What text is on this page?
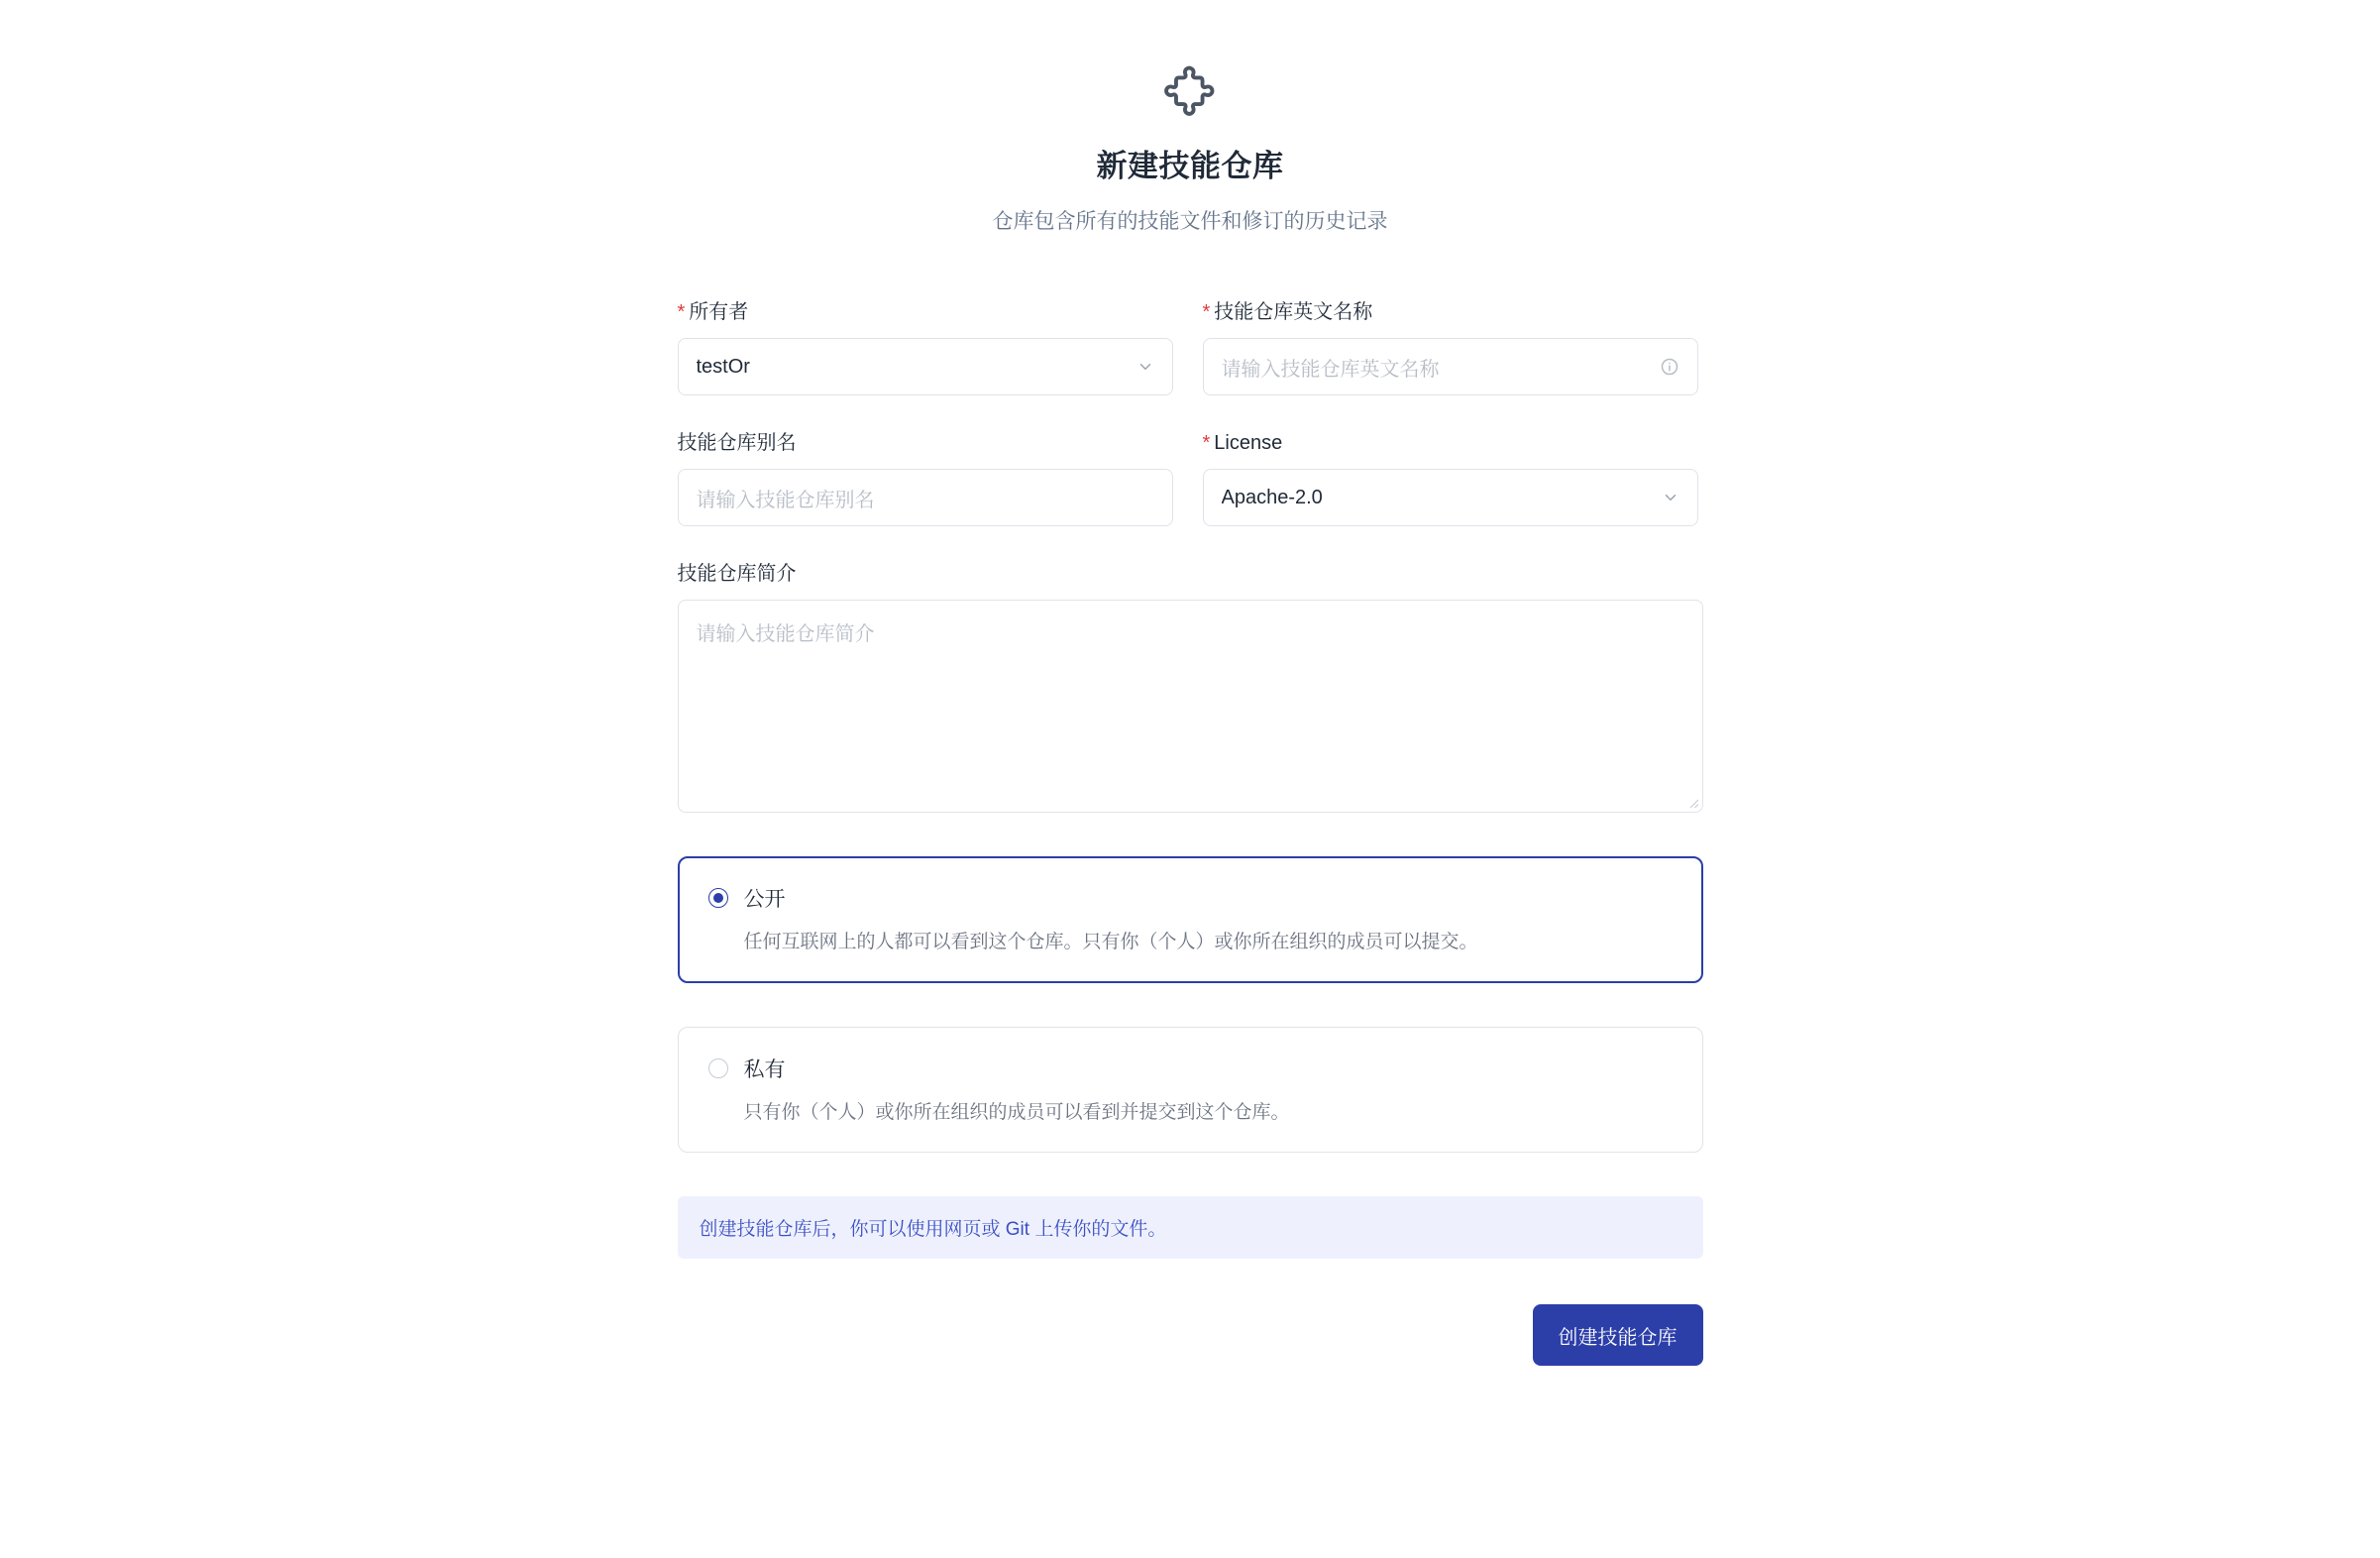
新建技能仓库

仓库包含所有的技能文件和修订的历史记录

* 所有者
testOr
* 技能仓库英文名称
请输入技能仓库英文名称
技能仓库别名
请输入技能仓库别名
* License
Apache-2.0
技能仓库简介
请输入技能仓库简介
公开
任何互联网上的人都可以看到这个仓库。只有你（个人）或你所在组织的成员可以提交。
私有
只有你（个人）或你所在组织的成员可以看到并提交到这个仓库。
创建技能仓库后，你可以使用网页或 Git 上传你的文件。
创建技能仓库
